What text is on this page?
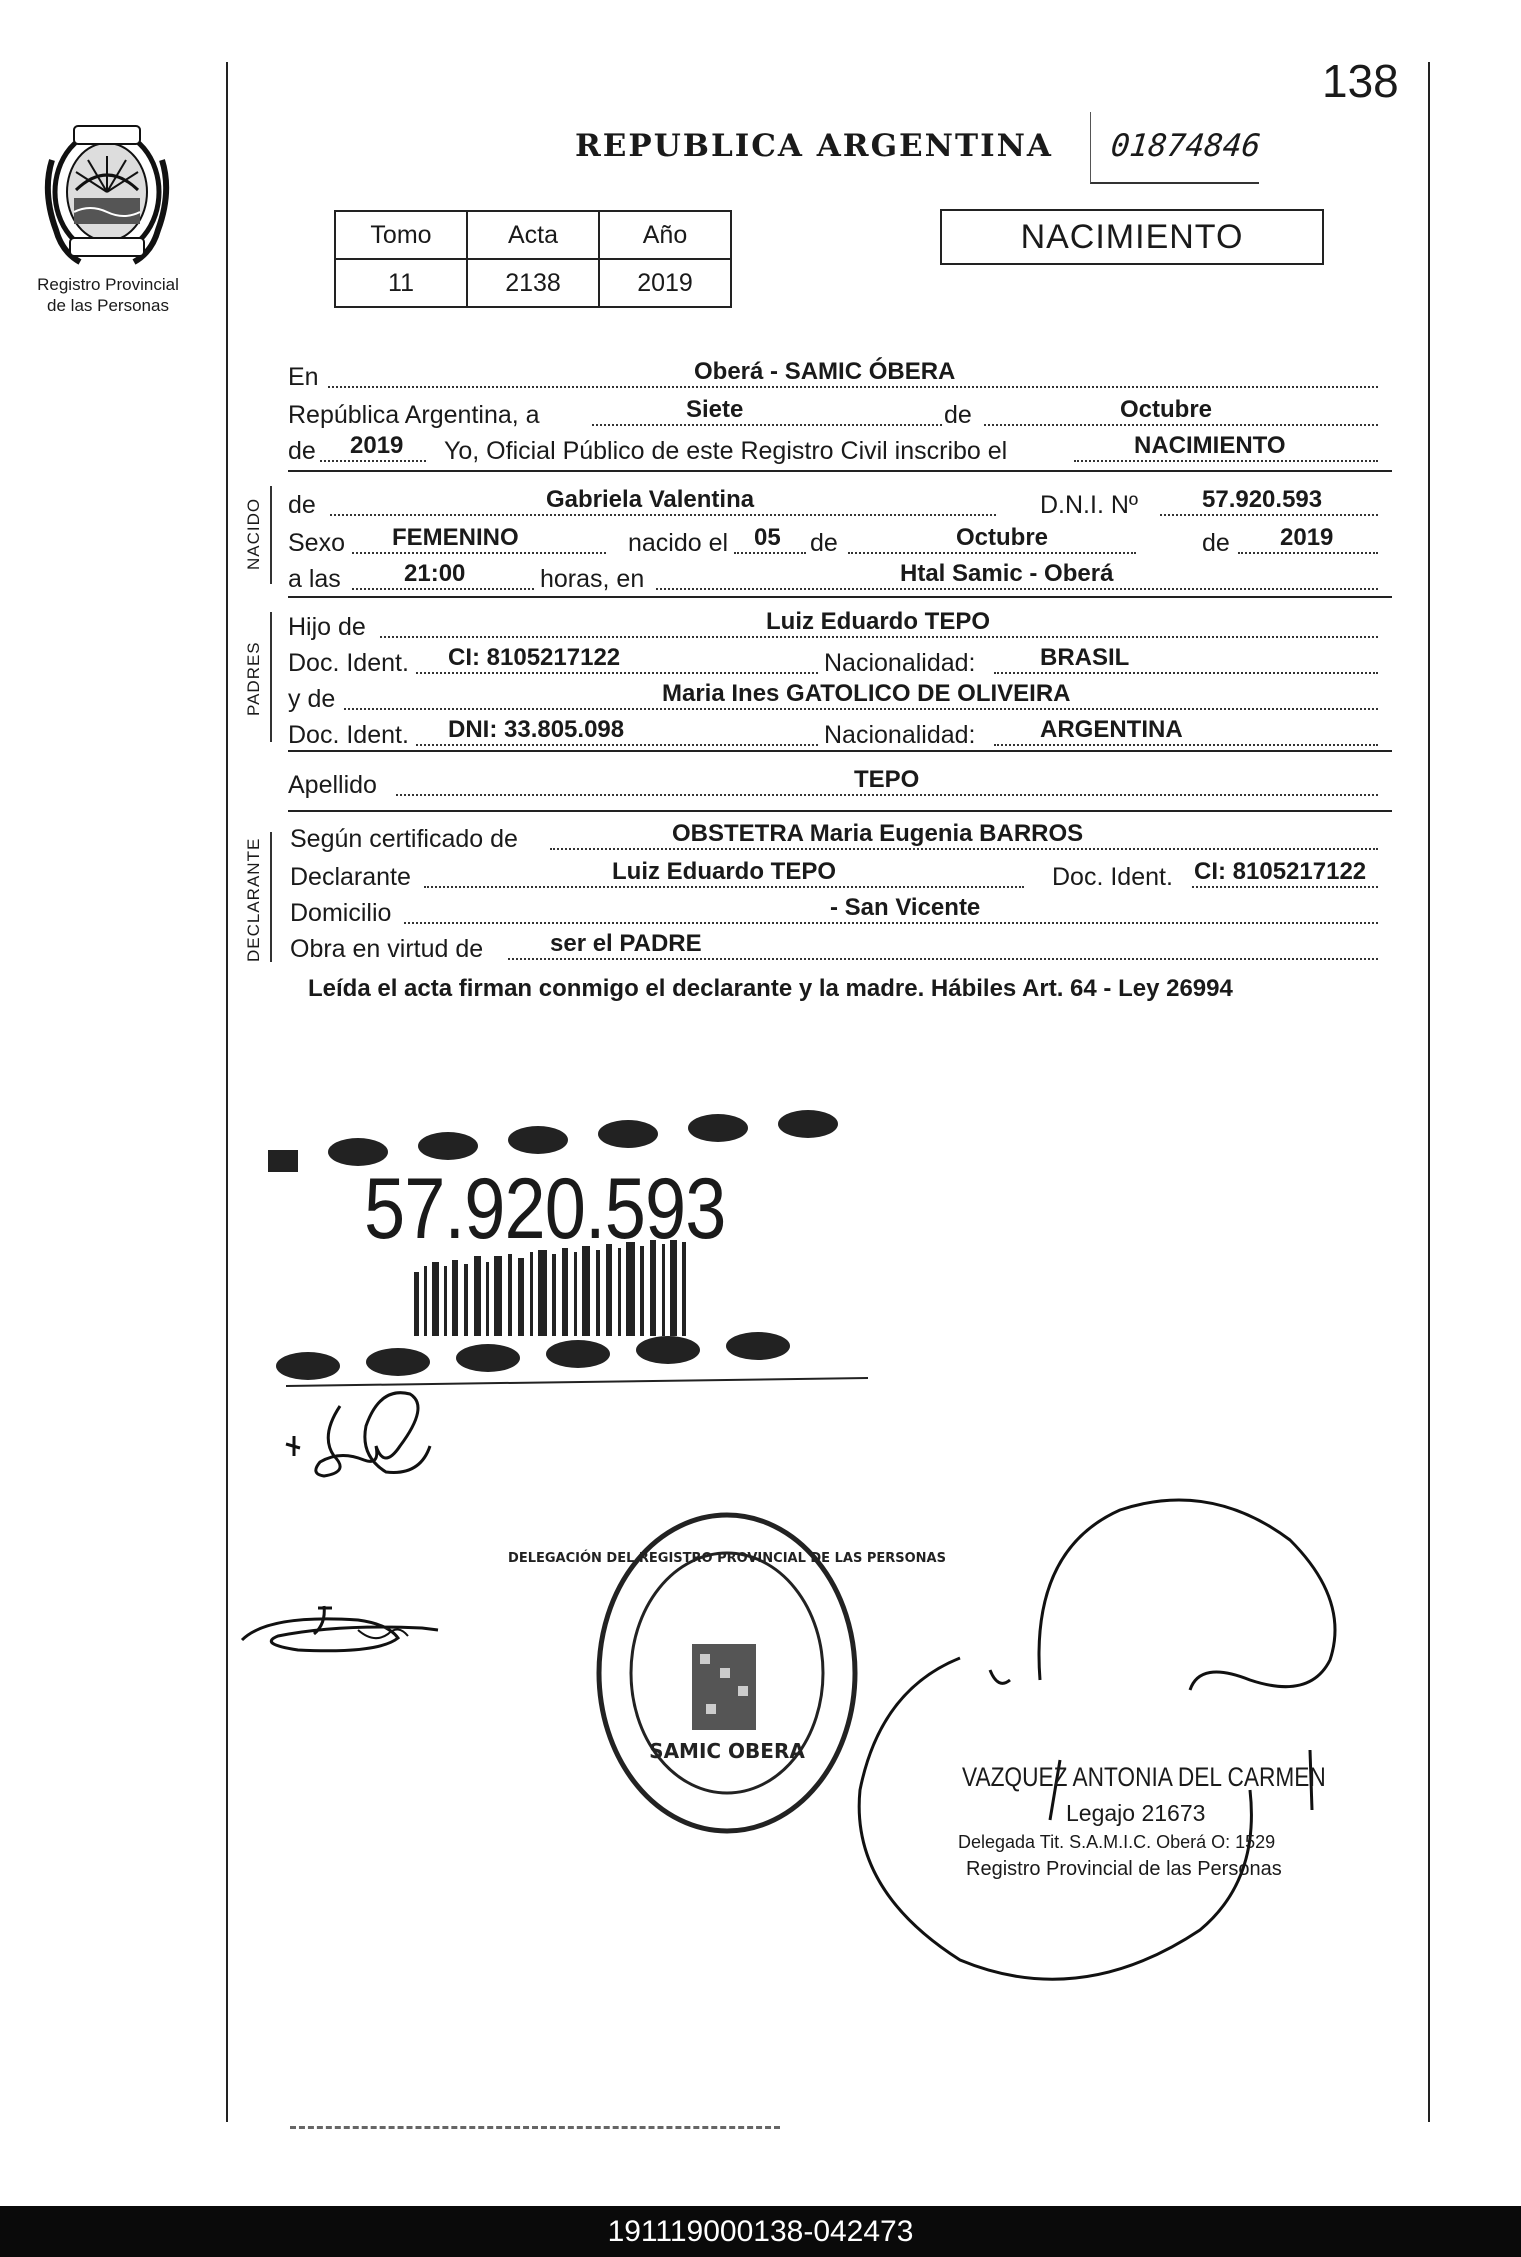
Registro Provincial
de las Personas
138
REPUBLICA ARGENTINA 01874846
Tomo	Acta	Año
11	2138	2019
NACIMIENTO
En	Oberá - SAMIC ÓBERA
República Argentina, a	Siete	de	Octubre
de 2019 Yo, Oficial Público de este Registro Civil inscribo el	NACIMIENTO
NACIDO de	Gabriela Valentina	D.N.I. Nº	57.920.593
Sexo FEMENINO	nacido el 05 de	Octubre	de 2019
a las	21:00	horas, en	Htal Samic - Oberá
PADRES
Hijo de	Luiz Eduardo TEPO
Doc. Ident. CI: 8105217122	Nacionalidad:	BRASIL
y de	Maria Ines GATOLICO DE OLIVEIRA
Doc. Ident. DNI: 33.805.098	Nacionalidad:	ARGENTINA
Apellido	TEPO
DECLARANTE Según certificado de	OBSTETRA Maria Eugenia BARROS
Declarante	Luiz Eduardo TEPO	Doc. Ident. CI: 8105217122
Domicilio	- San Vicente
Obra en virtud de	ser el PADRE
Leída el acta firman conmigo el declarante y la madre. Hábiles Art. 64 - Ley 26994
57.920.593
SAMIC OBERA
DELEGACIÓN DEL REGISTRO PROVINCIAL DE LAS PERSONAS
VAZQUEZ ANTONIA DEL CARMEN
Legajo 21673
Delegada Tit. S.A.M.I.C. Oberá O: 1529
Registro Provincial de las Personas
191119000138-042473
